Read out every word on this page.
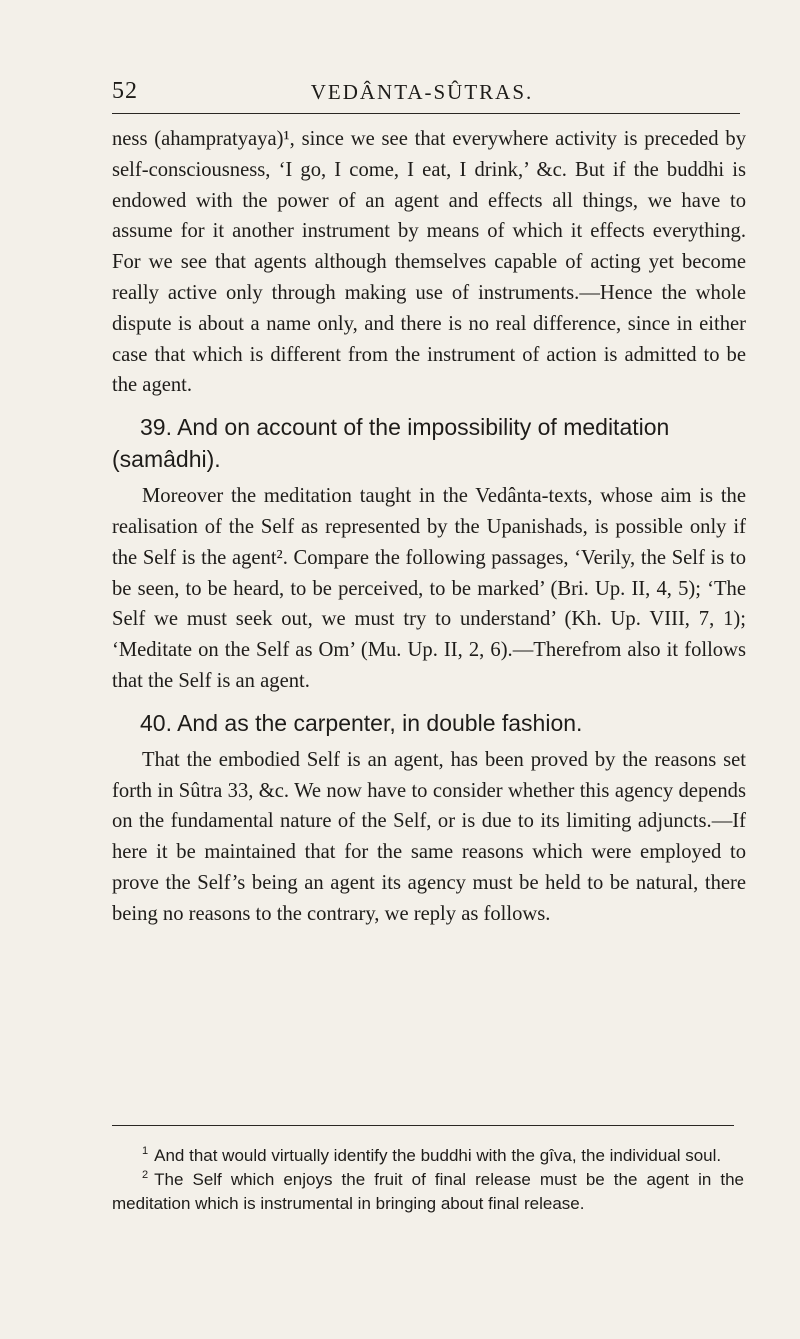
52	VEDÂNTA-SÛTRAS.

ness (ahampratyaya)¹, since we see that everywhere activity is preceded by self-consciousness, ‘I go, I come, I eat, I drink,’ &c. But if the buddhi is endowed with the power of an agent and effects all things, we have to assume for it another instrument by means of which it effects everything. For we see that agents although themselves capable of acting yet become really active only through making use of instruments.—Hence the whole dispute is about a name only, and there is no real difference, since in either case that which is different from the instrument of action is admitted to be the agent.

39. And on account of the impossibility of meditation (samâdhi).

Moreover the meditation taught in the Vedânta-texts, whose aim is the realisation of the Self as represented by the Upanishads, is possible only if the Self is the agent². Compare the following passages, ‘Verily, the Self is to be seen, to be heard, to be perceived, to be marked’ (Bri. Up. II, 4, 5); ‘The Self we must seek out, we must try to understand’ (Kh. Up. VIII, 7, 1); ‘Meditate on the Self as Om’ (Mu. Up. II, 2, 6).—Therefrom also it follows that the Self is an agent.

40. And as the carpenter, in double fashion.

That the embodied Self is an agent, has been proved by the reasons set forth in Sûtra 33, &c. We now have to consider whether this agency depends on the fundamental nature of the Self, or is due to its limiting adjuncts.—If here it be maintained that for the same reasons which were employed to prove the Self’s being an agent its agency must be held to be natural, there being no reasons to the contrary, we reply as follows.

$^1$ And that would virtually identify the buddhi with the gîva, the individual soul.

$^2$ The Self which enjoys the fruit of final release must be the agent in the meditation which is instrumental in bringing about final release.
